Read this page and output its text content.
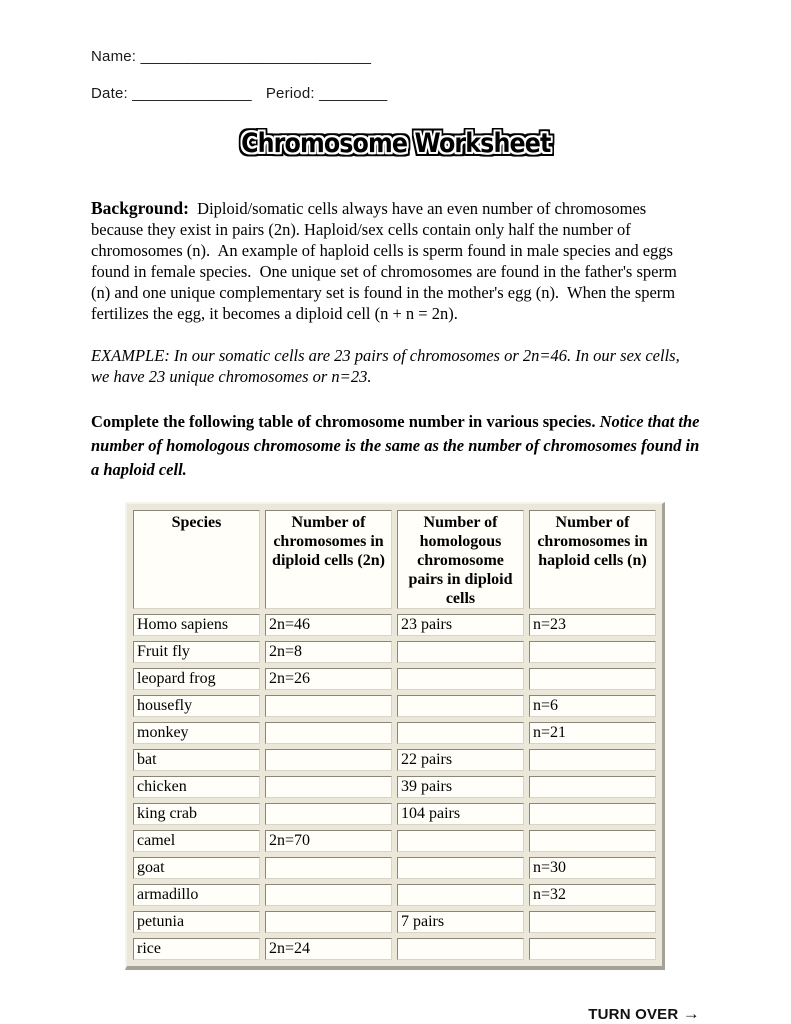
Name: ___________________________
Date: ______________ Period: ________
Chromosome Worksheet

Background:  Diploid/somatic cells always have an even number of chromosomes because they exist in pairs (2n). Haploid/sex cells contain only half the number of chromosomes (n).  An example of haploid cells is sperm found in male species and eggs found in female species.  One unique set of chromosomes are found in the father's sperm (n) and one unique complementary set is found in the mother's egg (n).  When the sperm fertilizes the egg, it becomes a diploid cell (n + n = 2n).

EXAMPLE: In our somatic cells are 23 pairs of chromosomes or 2n=46. In our sex cells, we have 23 unique chromosomes or n=23.

Complete the following table of chromosome number in various species. Notice that the number of homologous chromosome is the same as the number of chromosomes found in a haploid cell.

Species	Number of chromosomes in diploid cells (2n)	Number of homologous chromosome pairs in diploid cells	Number of chromosomes in haploid cells (n)
Homo sapiens	2n=46	23 pairs	n=23
Fruit fly	2n=8		
leopard frog	2n=26		
housefly			n=6
monkey			n=21
bat		22 pairs	
chicken		39 pairs	
king crab		104 pairs	
camel	2n=70		
goat			n=30
armadillo			n=32
petunia		7 pairs	
rice	2n=24		
TURN OVER →
